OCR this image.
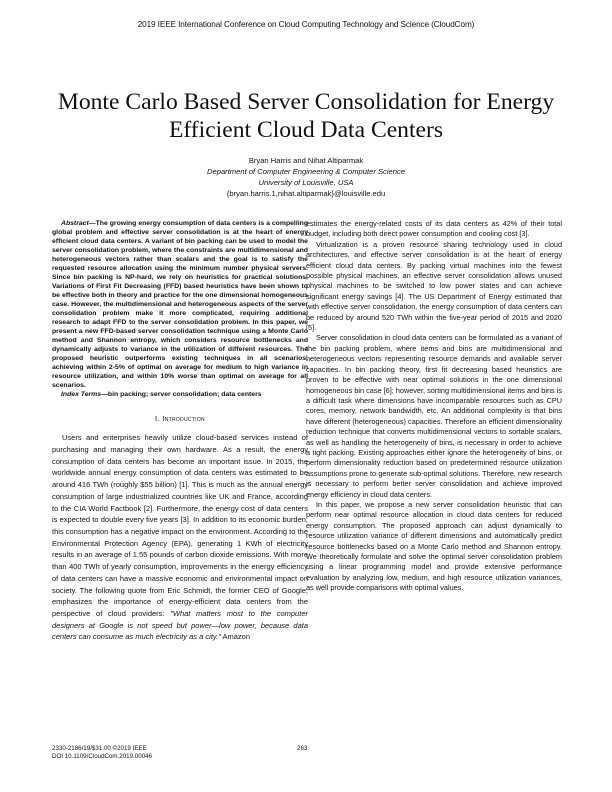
2019 IEEE International Conference on Cloud Computing Technology and Science (CloudCom)
Monte Carlo Based Server Consolidation for Energy Efficient Cloud Data Centers
Bryan Harris and Nihat Altiparmak
Department of Computer Engineering & Computer Science
University of Louisville, USA
{bryan.harris.1,nihat.altiparmak}@louisville.edu

Abstract—The growing energy consumption of data centers is a compelling global problem and effective server consolidation is at the heart of energy efficient cloud data centers. A variant of bin packing can be used to model the server consolidation problem, where the constraints are multidimensional and heterogeneous vectors rather than scalars and the goal is to satisfy the requested resource allocation using the minimum number physical servers. Since bin packing is NP-hard, we rely on heuristics for practical solutions. Variations of First Fit Decreasing (FFD) based heuristics have been shown to be effective both in theory and practice for the one dimensional homogeneous case. However, the multidimensional and heterogeneous aspects of the server consolidation problem make it more complicated, requiring additional research to adapt FFD to the server consolidation problem. In this paper, we present a new FFD-based server consolidation technique using a Monte Carlo method and Shannon entropy, which considers resource bottlenecks and dynamically adjusts to variance in the utilization of different resources. The proposed heuristic outperforms existing techniques in all scenarios, achieving within 2-5% of optimal on average for medium to high variance in resource utilization, and within 10% worse than optimal on average for all scenarios.

Index Terms—bin packing; server consolidation; data centers

I. Introduction

Users and enterprises heavily utilize cloud-based services instead of purchasing and managing their own hardware. As a result, the energy consumption of data centers has become an important issue. In 2015, the worldwide annual energy consumption of data centers was estimated to be around 416 TWh (roughly $55 billion) [1]. This is much as the annual energy consumption of large industrialized countries like UK and France, according to the CIA World Factbook [2]. Furthermore, the energy cost of data centers is expected to double every five years [3]. In addition to its economic burden, this consumption has a negative impact on the environment. According to the Environmental Protection Agency (EPA), generating 1 KWh of electricity results in an average of 1.55 pounds of carbon dioxide emissions. With more than 400 TWh of yearly consumption, improvements in the energy efficiency of data centers can have a massive economic and environmental impact on society. The following quote from Eric Schmidt, the former CEO of Google, emphasizes the importance of energy-efficient data centers from the perspective of cloud providers: "What matters most to the computer designers at Google is not speed but power—low power, because data centers can consume as much electricity as a city." Amazon

estimates the energy-related costs of its data centers as 42% of their total budget, including both direct power consumption and cooling cost [3].

Virtualization is a proven resource sharing technology used in cloud architectures, and effective server consolidation is at the heart of energy efficient cloud data centers. By packing virtual machines into the fewest possible physical machines, an effective server consolidation allows unused physical machines to be switched to low power states and can achieve significant energy savings [4]. The US Department of Energy estimated that with effective server consolidation, the energy consumption of data centers can be reduced by around 520 TWh within the five-year period of 2015 and 2020 [5].

Server consolidation in cloud data centers can be formulated as a variant of the bin packing problem, where items and bins are multidimensional and heterogeneous vectors representing resource demands and available server capacities. In bin packing theory, first fit decreasing based heuristics are proven to be effective with near optimal solutions in the one dimensional homogeneous bin case [6]; however, sorting multidimensional items and bins is a difficult task where dimensions have incomparable resources such as CPU cores, memory, network bandwidth, etc. An additional complexity is that bins have different (heterogeneous) capacities. Therefore an efficient dimensionality reduction technique that converts multidimensional vectors to sortable scalars, as well as handling the heterogeneity of bins, is necessary in order to achieve a tight packing. Existing approaches either ignore the heterogeneity of bins, or perform dimensionality reduction based on predetermined resource utilization assumptions prone to generate sub-optimal solutions. Therefore, new research is necessary to perform better server consolidation and achieve improved energy efficiency in cloud data centers.

In this paper, we propose a new server consolidation heuristic that can perform near optimal resource allocation in cloud data centers for reduced energy consumption. The proposed approach can adjust dynamically to resource utilization variance of different dimensions and automatically predict resource bottlenecks based on a Monte Carlo method and Shannon entropy. We theoretically formulate and solve the optimal server consolidation problem using a linear programming model and provide extensive performance evaluation by analyzing low, medium, and high resource utilization variances, as well provide comparisons with optimal values.

2330-2186/19/$31.00 ©2019 IEEE
DOI 10.1109/CloudCom.2019.00046
263
